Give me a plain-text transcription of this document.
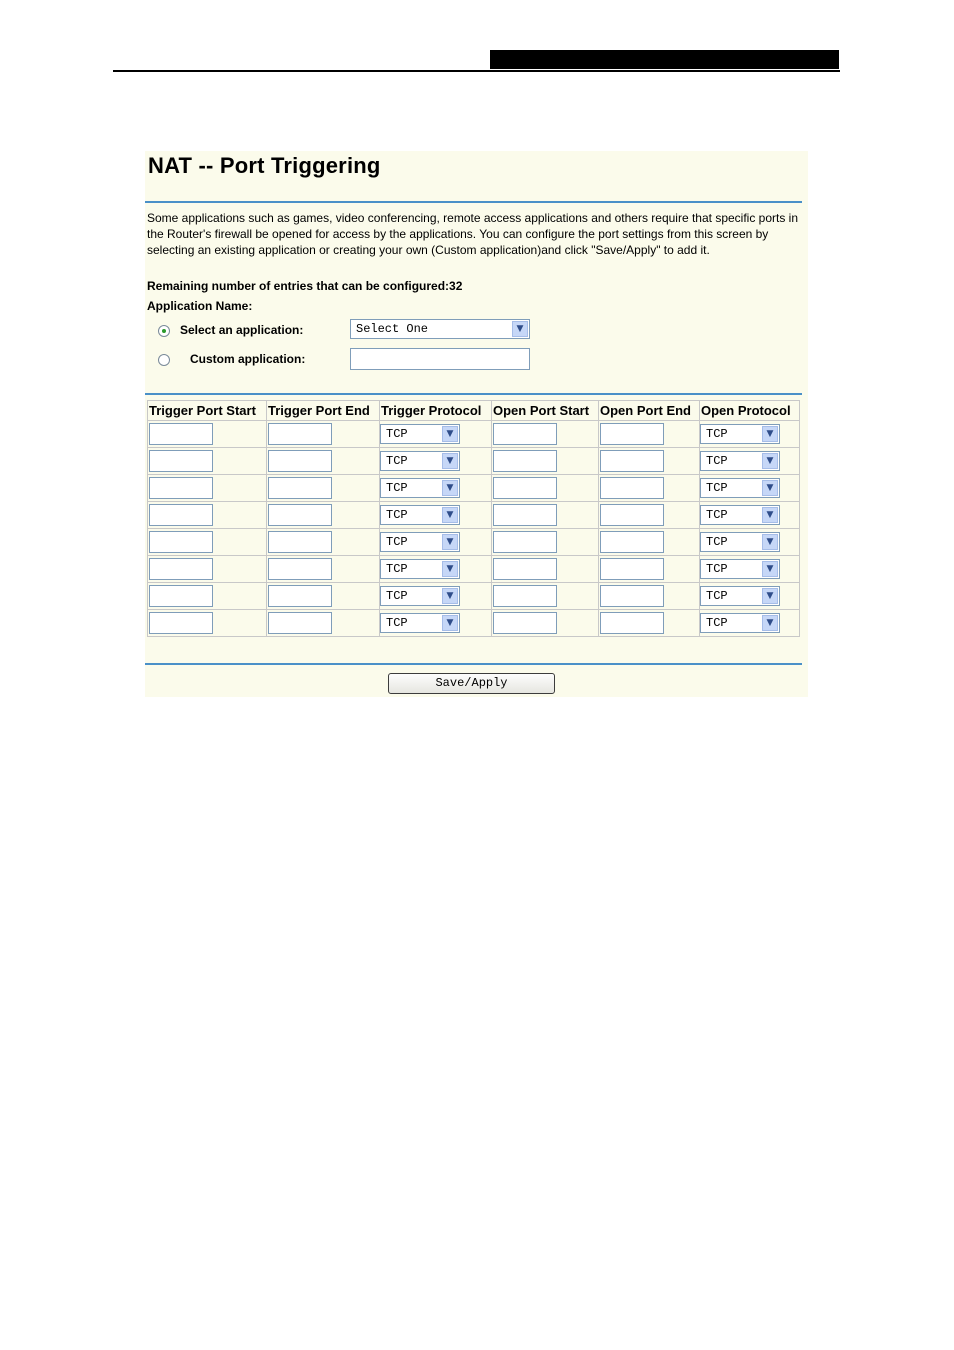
NAT -- Port Triggering
Some applications such as games, video conferencing, remote access applications and others require that specific ports in the Router's firewall be opened for access by the applications. You can configure the port settings from this screen by selecting an existing application or creating your own (Custom application)and click "Save/Apply" to add it.
Remaining number of entries that can be configured:32
Application Name:
Select an application:	Select One	▼
Custom application:
Trigger Port Start	Trigger Port End	Trigger Protocol	Open Port Start	Open Port End	Open Protocol

		TCP ▼			TCP ▼

		TCP ▼			TCP ▼

		TCP ▼			TCP ▼

		TCP ▼			TCP ▼

		TCP ▼			TCP ▼

		TCP ▼			TCP ▼

		TCP ▼			TCP ▼

		TCP ▼			TCP ▼
Save/Apply
